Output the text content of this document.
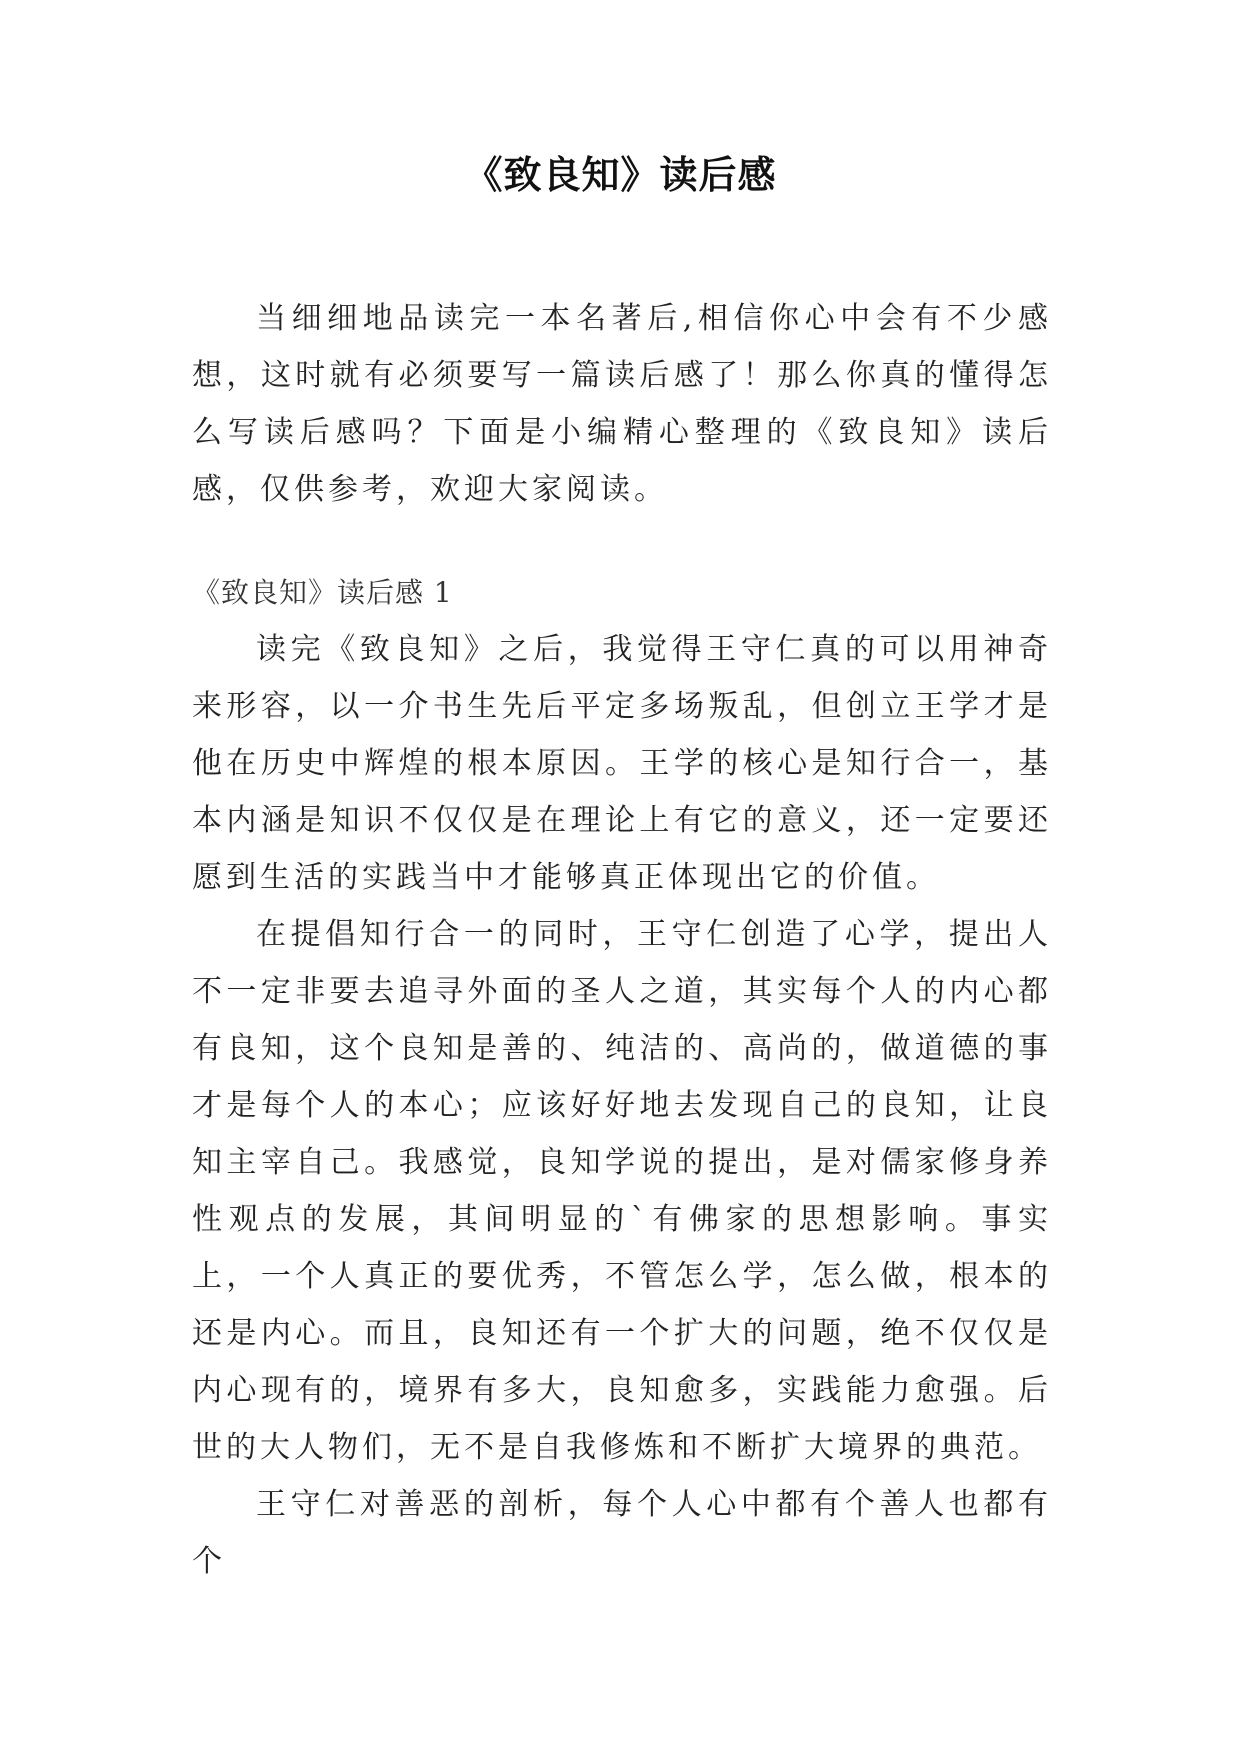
《致良知》读后感

当细细地品读完一本名著后,相信你心中会有不少感想，这时就有必须要写一篇读后感了！那么你真的懂得怎么写读后感吗？下面是小编精心整理的《致良知》读后感，仅供参考，欢迎大家阅读。

《致良知》读后感 1

读完《致良知》之后，我觉得王守仁真的可以用神奇来形容，以一介书生先后平定多场叛乱，但创立王学才是他在历史中辉煌的根本原因。王学的核心是知行合一，基本内涵是知识不仅仅是在理论上有它的意义，还一定要还愿到生活的实践当中才能够真正体现出它的价值。

在提倡知行合一的同时，王守仁创造了心学，提出人不一定非要去追寻外面的圣人之道，其实每个人的内心都有良知，这个良知是善的、纯洁的、高尚的，做道德的事才是每个人的本心；应该好好地去发现自己的良知，让良知主宰自己。我感觉，良知学说的提出，是对儒家修身养性观点的发展，其间明显的`有佛家的思想影响。事实上，一个人真正的要优秀，不管怎么学，怎么做，根本的还是内心。而且，良知还有一个扩大的问题，绝不仅仅是内心现有的，境界有多大，良知愈多，实践能力愈强。后世的大人物们，无不是自我修炼和不断扩大境界的典范。

王守仁对善恶的剖析，每个人心中都有个善人也都有个
